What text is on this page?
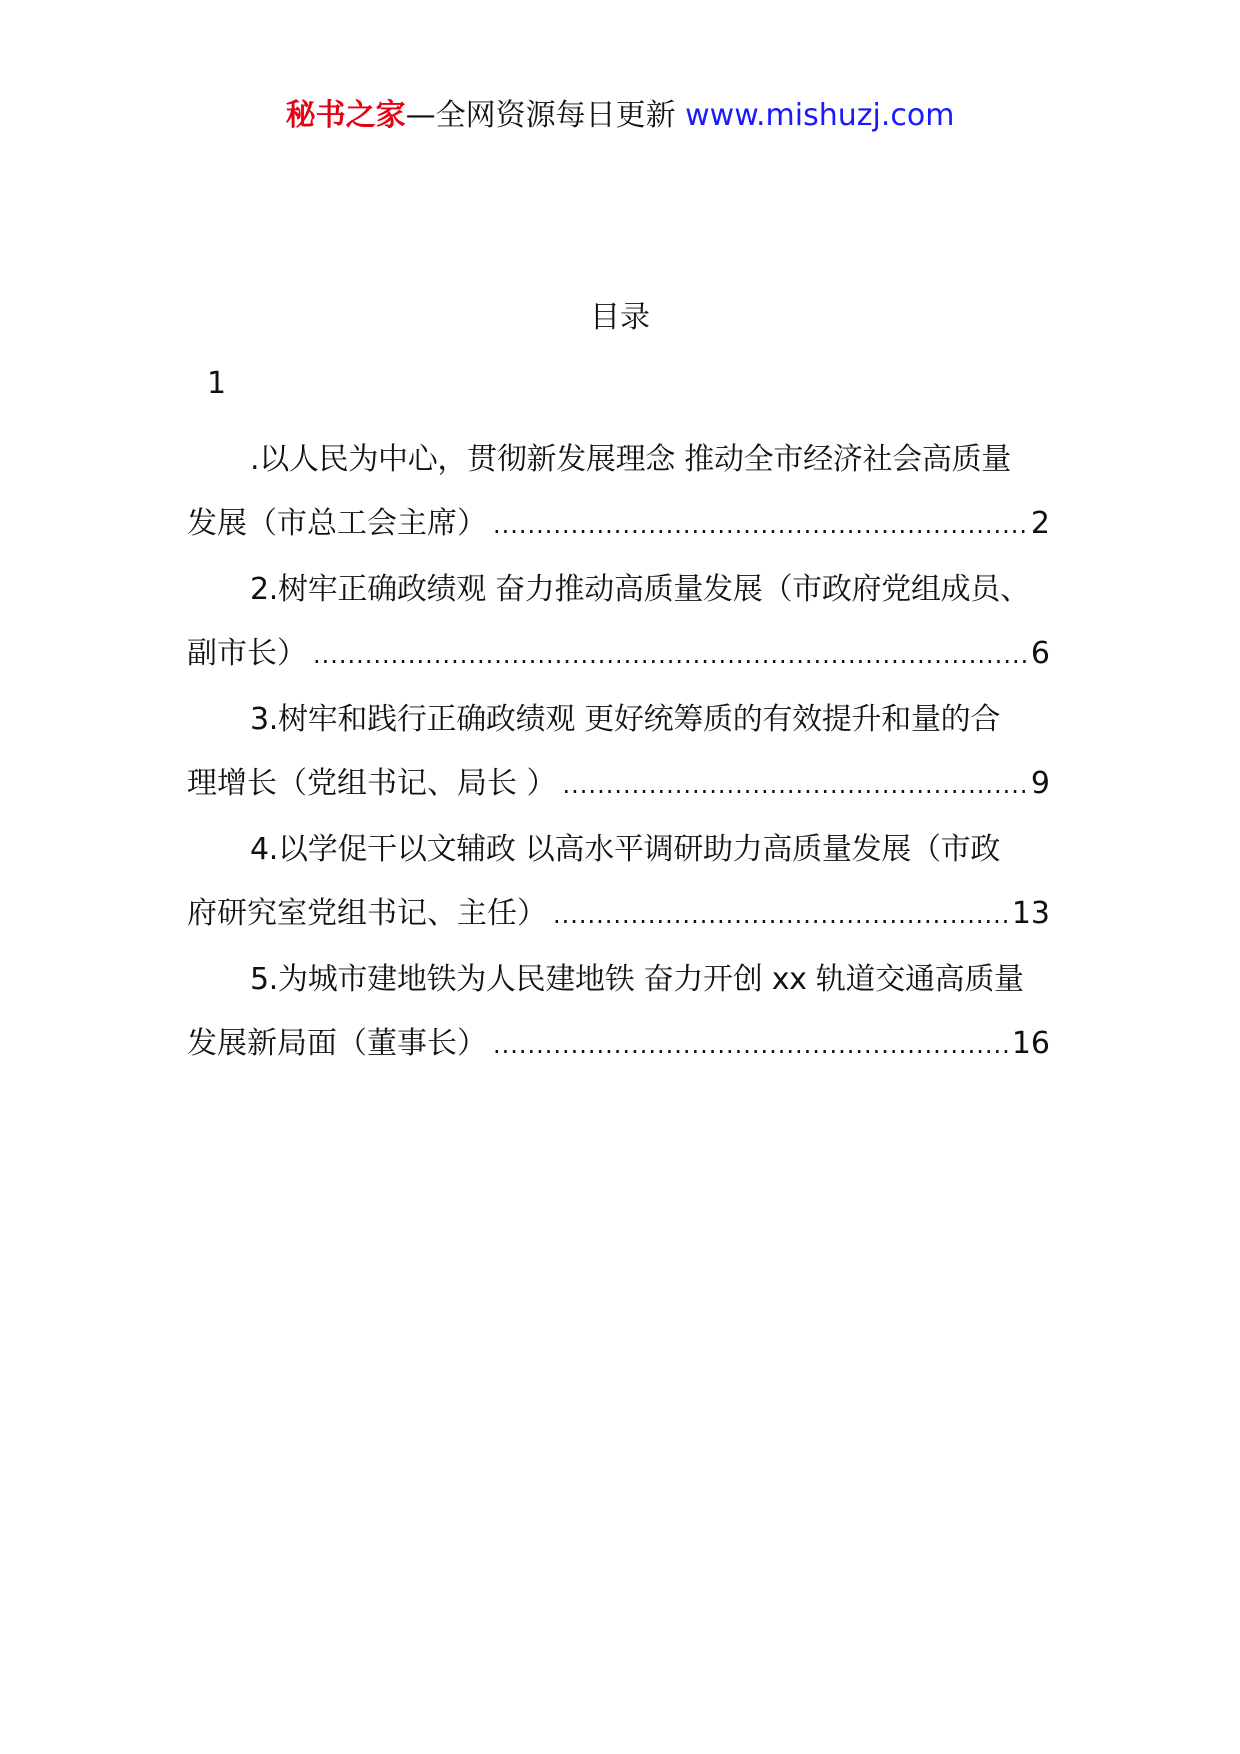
秘书之家—全网资源每日更新 www.mishuzj.com
目录
1
.以人民为中心，贯彻新发展理念 推动全市经济社会高质量
发展（市总工会主席） .....	2
2.树牢正确政绩观 奋力推动高质量发展（市政府党组成员、
副市长） .....	6
3.树牢和践行正确政绩观 更好统筹质的有效提升和量的合
理增长（党组书记、局长 ） .....	9
4.以学促干以文辅政 以高水平调研助力高质量发展（市政
府研究室党组书记、主任） .....	13
5.为城市建地铁为人民建地铁 奋力开创 xx 轨道交通高质量
发展新局面（董事长） .....	16
